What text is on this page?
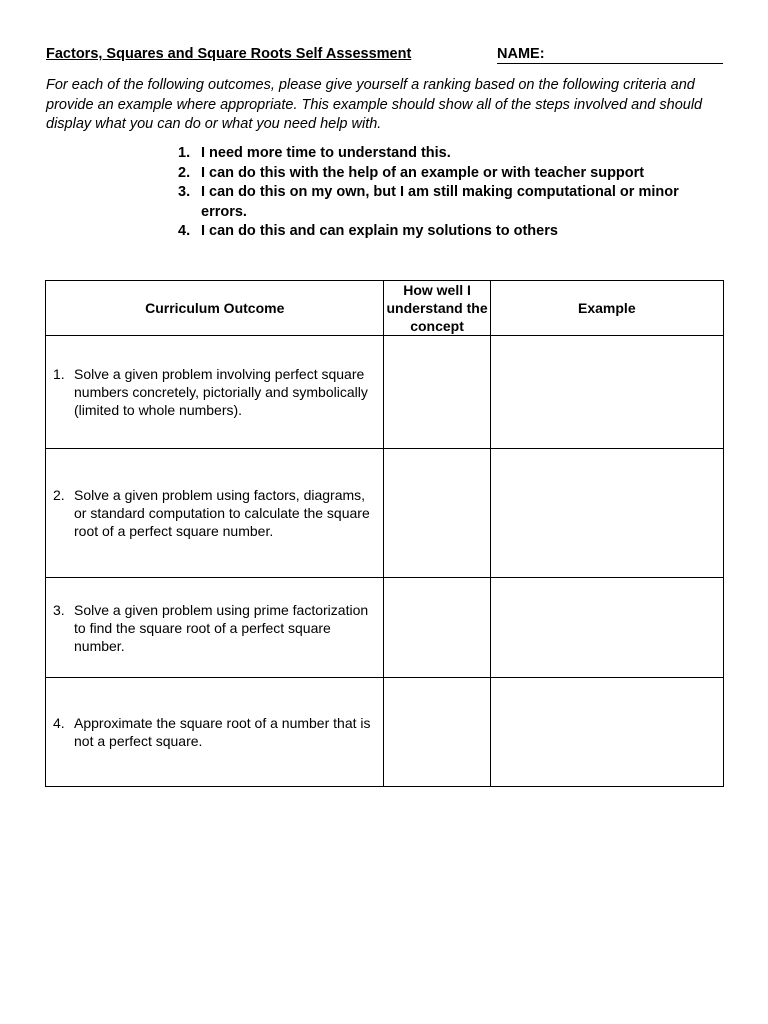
Factors, Squares and Square Roots Self Assessment	NAME:
For each of the following outcomes, please give yourself a ranking based on the following criteria and provide an example where appropriate. This example should show all of the steps involved and should display what you can do or what you need help with.
1. I need more time to understand this.
2. I can do this with the help of an example or with teacher support
3. I can do this on my own, but I am still making computational or minor errors.
4. I can do this and can explain my solutions to others
Curriculum Outcome	How well I understand the concept	Example

1. Solve a given problem involving perfect square numbers concretely, pictorially and symbolically (limited to whole numbers).		

2. Solve a given problem using factors, diagrams, or standard computation to calculate the square root of a perfect square number.		

3. Solve a given problem using prime factorization to find the square root of a perfect square number.		

4. Approximate the square root of a number that is not a perfect square.		
